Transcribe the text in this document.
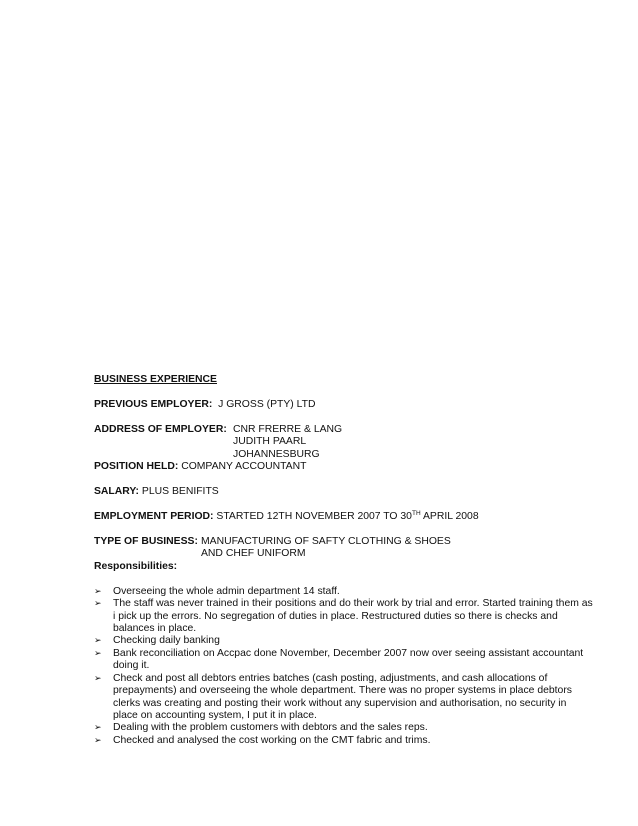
BUSINESS EXPERIENCE
PREVIOUS EMPLOYER: J GROSS (PTY) LTD
ADDRESS OF EMPLOYER: CNR FRERRE & LANG
JUDITH PAARL
JOHANNESBURG
POSITION HELD: COMPANY ACCOUNTANT
SALARY: PLUS BENIFITS
EMPLOYMENT PERIOD: STARTED 12TH NOVEMBER 2007 TO 30TH APRIL 2008
TYPE OF BUSINESS: MANUFACTURING OF SAFTY CLOTHING & SHOES
AND CHEF UNIFORM
Responsibilities:
➢ Overseeing the whole admin department 14 staff.
➢ The staff was never trained in their positions and do their work by trial and error. Started training them as i pick up the errors. No segregation of duties in place. Restructured duties so there is checks and balances in place.
➢ Checking daily banking
➢ Bank reconciliation on Accpac done November, December 2007 now over seeing assistant accountant doing it.
➢ Check and post all debtors entries batches (cash posting, adjustments, and cash allocations of prepayments) and overseeing the whole department. There was no proper systems in place debtors clerks was creating and posting their work without any supervision and authorisation, no security in place on accounting system, I put it in place.
➢ Dealing with the problem customers with debtors and the sales reps.
➢ Checked and analysed the cost working on the CMT fabric and trims.
